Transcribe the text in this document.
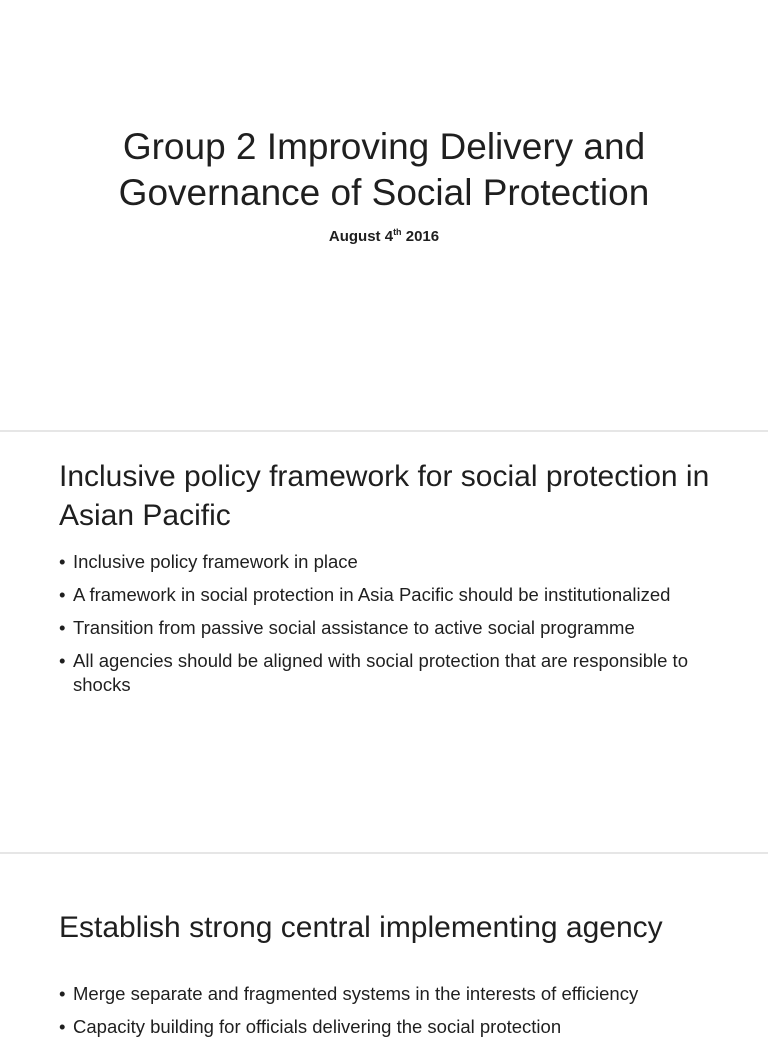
Group 2 Improving Delivery and Governance of Social Protection

August 4th 2016

Inclusive policy framework for social protection in Asian Pacific
• Inclusive policy framework in place
• A framework in social protection in Asia Pacific should be institutionalized
• Transition from passive social assistance to active social programme
• All agencies should be aligned with social protection that are responsible to shocks
Establish strong central implementing agency
• Merge separate and fragmented systems in the interests of efficiency
• Capacity building for officials delivering the social protection
